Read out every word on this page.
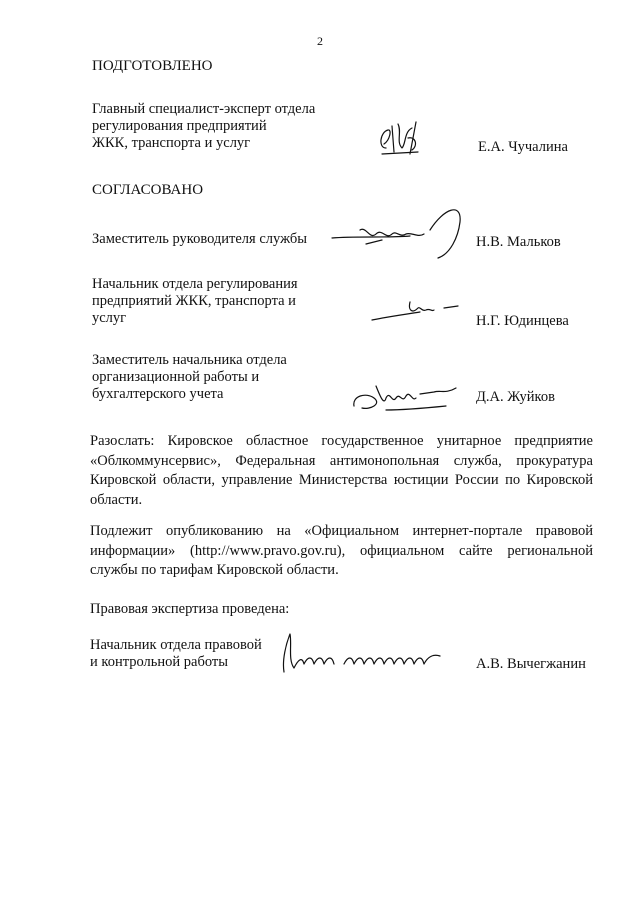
2
ПОДГОТОВЛЕНО
Главный специалист-эксперт отдела
регулирования предприятий
ЖКК, транспорта и услуг	Е.А. Чучалина
СОГЛАСОВАНО
Заместитель руководителя службы	Н.В. Мальков
Начальник отдела регулирования
предприятий ЖКК, транспорта и
услуг	Н.Г. Юдинцева
Заместитель начальника отдела
организационной работы и
бухгалтерского учета	Д.А. Жуйков
Разослать: Кировское областное государственное унитарное предприятие «Облкоммунсервис», Федеральная антимонопольная служба, прокуратура Кировской области, управление Министерства юстиции России по Кировской области.
Подлежит опубликованию на «Официальном интернет-портале правовой информации» (http://www.pravo.gov.ru), официальном сайте региональной службы по тарифам Кировской области.
Правовая экспертиза проведена:
Начальник отдела правовой
и контрольной работы	А.В. Вычегжанин
